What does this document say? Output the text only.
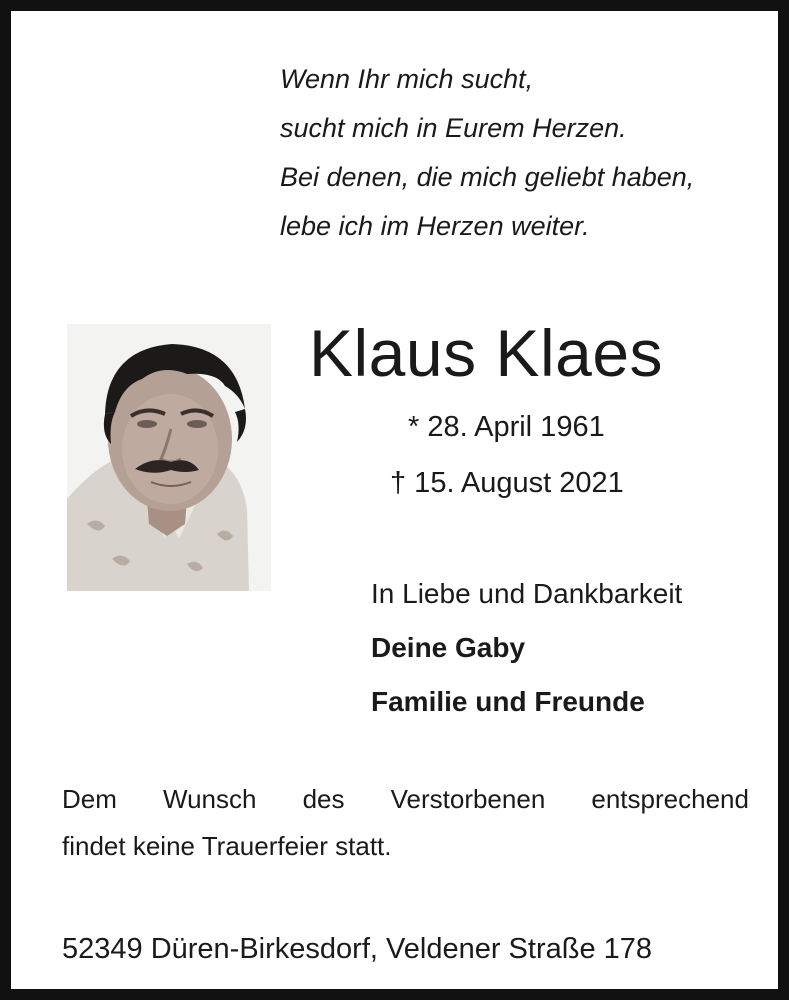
Wenn Ihr mich sucht,
sucht mich in Eurem Herzen.
Bei denen, die mich geliebt haben,
lebe ich im Herzen weiter.
Klaus Klaes
* 28. April 1961
† 15. August 2021
In Liebe und Dankbarkeit
Deine Gaby
Familie und Freunde
Dem Wunsch des Verstorbenen entsprechend
findet keine Trauerfeier statt.
52349 Düren-Birkesdorf, Veldener Straße 178
